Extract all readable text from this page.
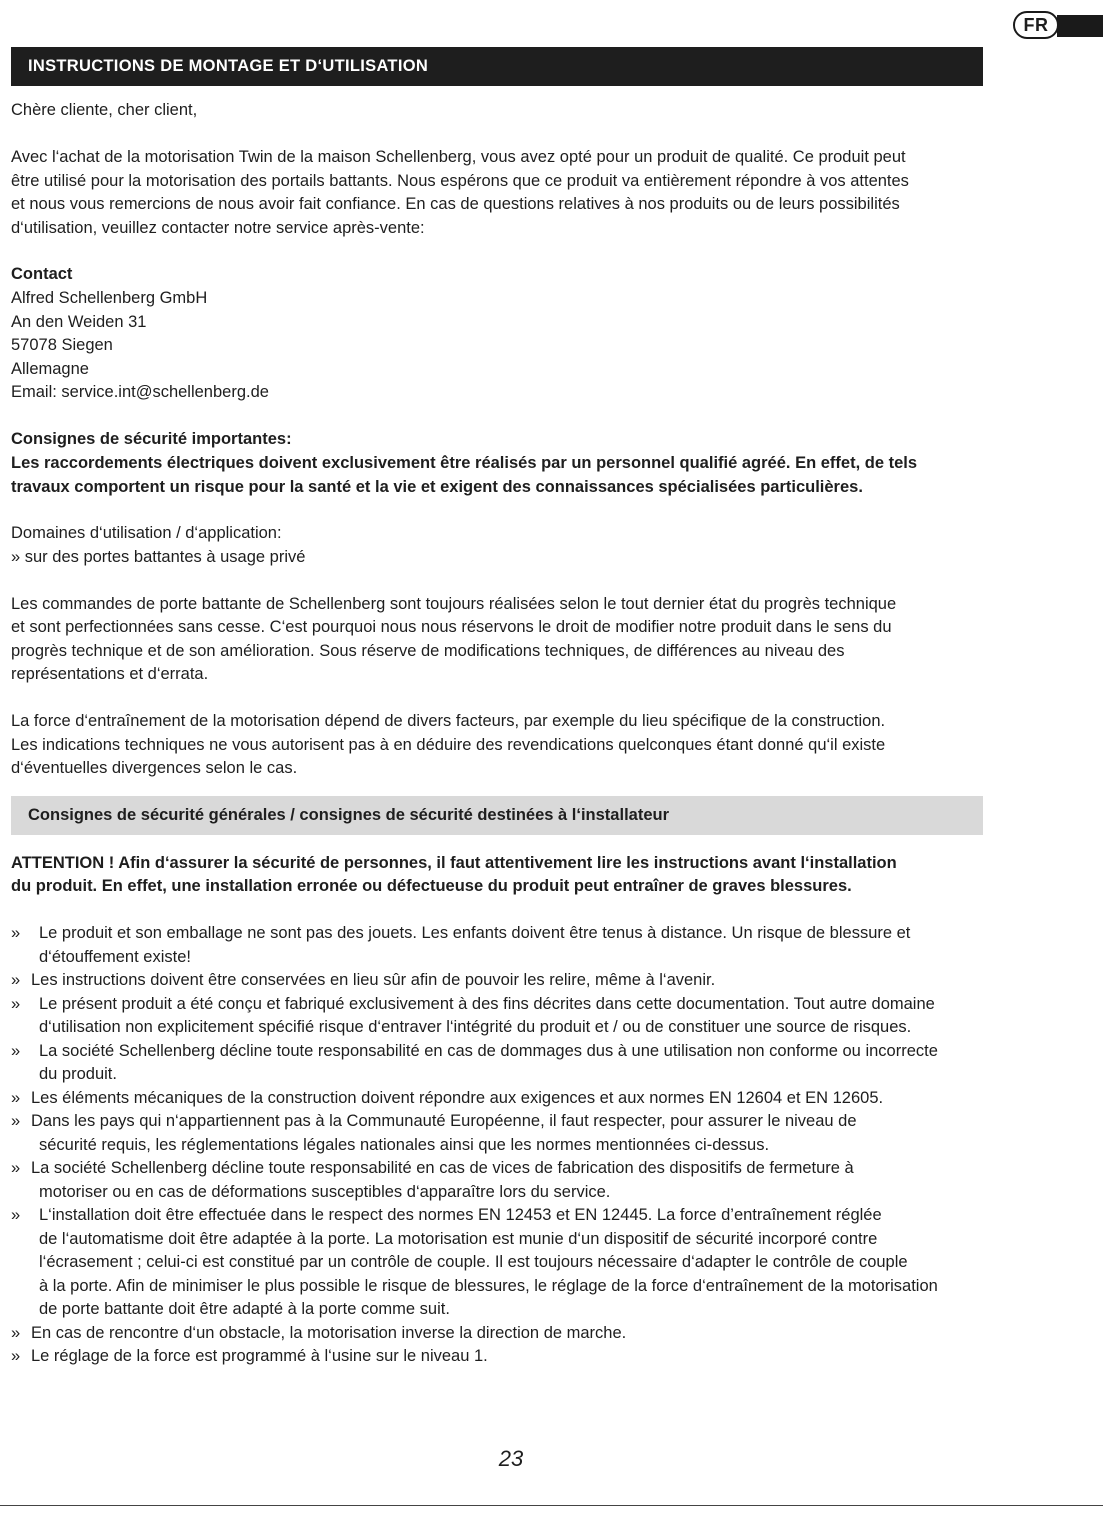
FR
INSTRUCTIONS DE MONTAGE ET D‘UTILISATION
Chère cliente, cher client,
Avec l‘achat de la motorisation Twin de la maison Schellenberg, vous avez opté pour un produit de qualité. Ce produit peut
être utilisé pour la motorisation des portails battants. Nous espérons que ce produit va entièrement répondre à vos attentes
et nous vous remercions de nous avoir fait confiance. En cas de questions relatives à nos produits ou de leurs possibilités
d‘utilisation, veuillez contacter notre service après-vente:
Contact
Alfred Schellenberg GmbH
An den Weiden 31
57078 Siegen
Allemagne
Email: service.int@schellenberg.de
Consignes de sécurité importantes:
Les raccordements électriques doivent exclusivement être réalisés par un personnel qualifié agréé. En effet, de tels
travaux comportent un risque pour la santé et la vie et exigent des connaissances spécialisées particulières.
Domaines d‘utilisation / d‘application:
» sur des portes battantes à usage privé
Les commandes de porte battante de Schellenberg sont toujours réalisées selon le tout dernier état du progrès technique
et sont perfectionnées sans cesse. C‘est pourquoi nous nous réservons le droit de modifier notre produit dans le sens du
progrès technique et de son amélioration. Sous réserve de modifications techniques, de différences au niveau des
représentations et d‘errata.
La force d‘entraînement de la motorisation dépend de divers facteurs, par exemple du lieu spécifique de la construction.
Les indications techniques ne vous autorisent pas à en déduire des revendications quelconques étant donné qu‘il existe
d‘éventuelles divergences selon le cas.
Consignes de sécurité générales / consignes de sécurité destinées à l‘installateur
ATTENTION ! Afin d‘assurer la sécurité de personnes, il faut attentivement lire les instructions avant l‘installation
du produit. En effet, une installation erronée ou défectueuse du produit peut entraîner de graves blessures.
»	Le produit et son emballage ne sont pas des jouets. Les enfants doivent être tenus à distance. Un risque de blessure et
d‘étouffement existe!
» Les instructions doivent être conservées en lieu sûr afin de pouvoir les relire, même à l‘avenir.
»	Le présent produit a été conçu et fabriqué exclusivement à des fins décrites dans cette documentation. Tout autre domaine
d‘utilisation non explicitement spécifié risque d‘entraver l‘intégrité du produit et / ou de constituer une source de risques.
»	La société Schellenberg décline toute responsabilité en cas de dommages dus à une utilisation non conforme ou incorrecte
du produit.
» Les éléments mécaniques de la construction doivent répondre aux exigences et aux normes EN 12604 et EN 12605.
» Dans les pays qui n‘appartiennent pas à la Communauté Européenne, il faut respecter, pour assurer le niveau de
sécurité requis, les réglementations légales nationales ainsi que les normes mentionnées ci-dessus.
» La société Schellenberg décline toute responsabilité en cas de vices de fabrication des dispositifs de fermeture à
motoriser ou en cas de déformations susceptibles d‘apparaître lors du service.
»	L‘installation doit être effectuée dans le respect des normes EN 12453 et EN 12445. La force d’entraînement réglée
de l‘automatisme doit être adaptée à la porte. La motorisation est munie d‘un dispositif de sécurité incorporé contre
l‘écrasement ; celui-ci est constitué par un contrôle de couple. Il est toujours nécessaire d‘adapter le contrôle de couple
à la porte. Afin de minimiser le plus possible le risque de blessures, le réglage de la force d‘entraînement de la motorisation
de porte battante doit être adapté à la porte comme suit.
» En cas de rencontre d‘un obstacle, la motorisation inverse la direction de marche.
» Le réglage de la force est programmé à l‘usine sur le niveau 1.
23
